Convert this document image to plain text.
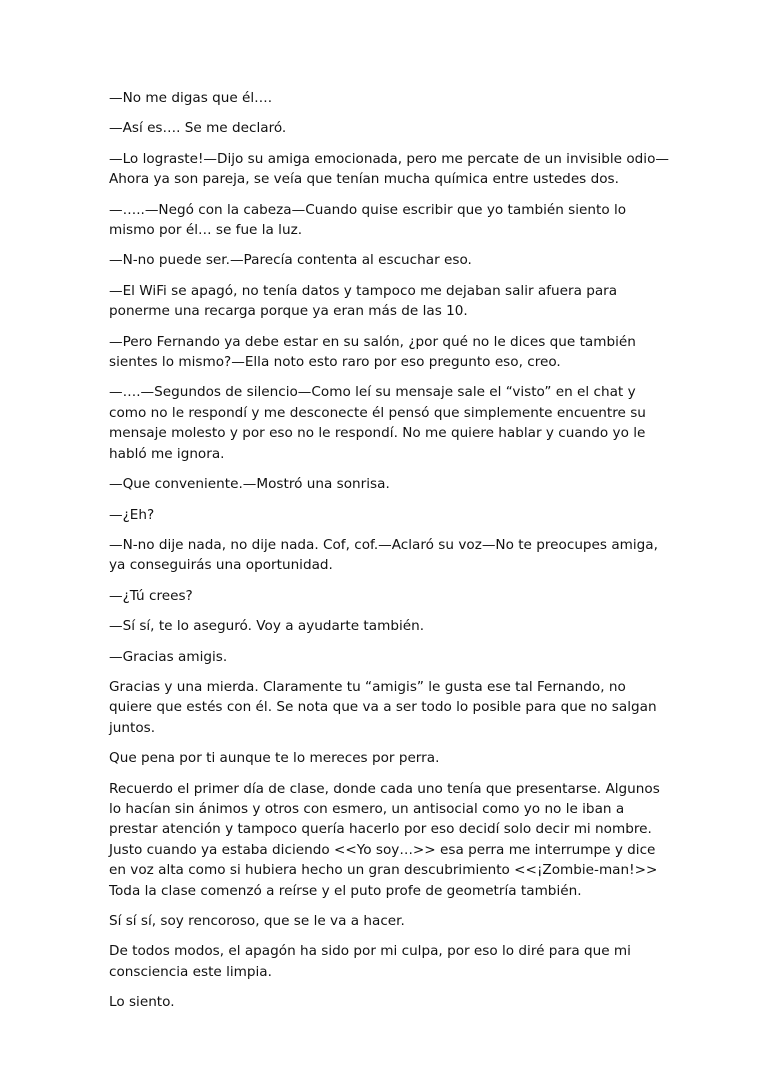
—No me digas que él….

—Así es…. Se me declaró.

—Lo lograste!—Dijo su amiga emocionada, pero me percate de un invisible odio—Ahora ya son pareja, se veía que tenían mucha química entre ustedes dos.

—…..—Negó con la cabeza—Cuando quise escribir que yo también siento lo mismo por él… se fue la luz.

—N-no puede ser.—Parecía contenta al escuchar eso.

—El WiFi se apagó, no tenía datos y tampoco me dejaban salir afuera para ponerme una recarga porque ya eran más de las 10.

—Pero Fernando ya debe estar en su salón, ¿por qué no le dices que también sientes lo mismo?—Ella noto esto raro por eso pregunto eso, creo.

—….—Segundos de silencio—Como leí su mensaje sale el “visto” en el chat y como no le respondí y me desconecte él pensó que simplemente encuentre su mensaje molesto y por eso no le respondí. No me quiere hablar y cuando yo le habló me ignora.

—Que conveniente.—Mostró una sonrisa.

—¿Eh?

—N-no dije nada, no dije nada. Cof, cof.—Aclaró su voz—No te preocupes amiga, ya conseguirás una oportunidad.

—¿Tú crees?

—Sí sí, te lo aseguró. Voy a ayudarte también.

—Gracias amigis.

Gracias y una mierda. Claramente tu “amigis” le gusta ese tal Fernando, no quiere que estés con él. Se nota que va a ser todo lo posible para que no salgan juntos.

Que pena por ti aunque te lo mereces por perra.

Recuerdo el primer día de clase, donde cada uno tenía que presentarse. Algunos lo hacían sin ánimos y otros con esmero, un antisocial como yo no le iban a prestar atención y tampoco quería hacerlo por eso decidí solo decir mi nombre. Justo cuando ya estaba diciendo <<Yo soy…>> esa perra me interrumpe y dice en voz alta como si hubiera hecho un gran descubrimiento <<¡Zombie-man!>> Toda la clase comenzó a reírse y el puto profe de geometría también.

Sí sí sí, soy rencoroso, que se le va a hacer.

De todos modos, el apagón ha sido por mi culpa, por eso lo diré para que mi consciencia este limpia.

Lo siento.
